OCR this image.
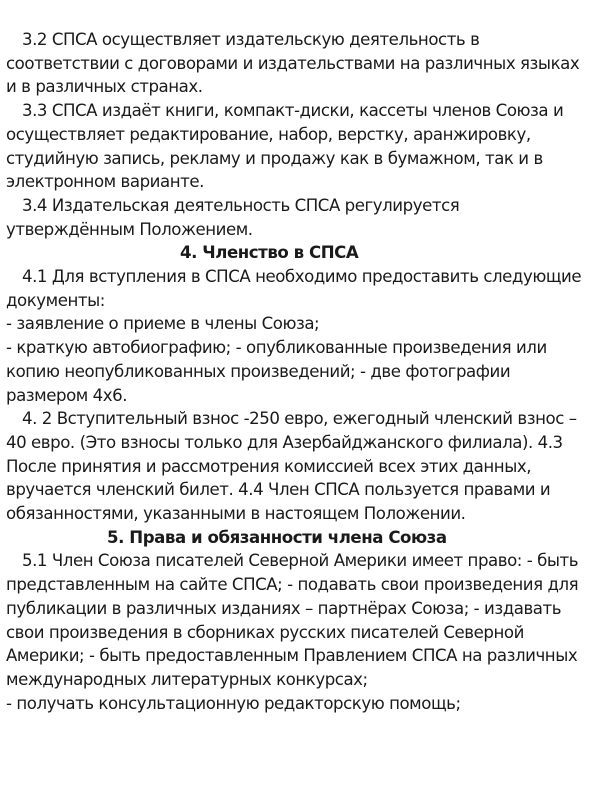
3.2 СПСА осуществляет издательскую деятельность в соответствии с договорами и издательствами на различных языках и в различных странах.

3.3 СПСА издаёт книги, компакт-диски, кассеты членов Союза и осуществляет редактирование, набор, верстку, аранжировку, студийную запись, рекламу и продажу как в бумажном, так и в электронном варианте.

3.4 Издательская деятельность СПСА регулируется утверждённым Положением.

4. Членство в СПСА

4.1 Для вступления в СПСА необходимо предоставить следующие документы:

- заявление о приеме в члены Союза;

- краткую автобиографию; - опубликованные произведения или копию неопубликованных произведений; - две фотографии размером 4х6.

4. 2 Вступительный взнос -250 евро, ежегодный членский взнос – 40 евро. (Это взносы только для Азербайджанского филиала). 4.3 После принятия и рассмотрения комиссией всех этих данных, вручается членский билет. 4.4 Член СПСА пользуется правами и обязанностями, указанными в настоящем Положении.

5. Права и обязанности члена Союза

5.1 Член Союза писателей Северной Америки имеет право: - быть представленным на сайте СПСА; - подавать свои произведения для публикации в различных изданиях – партнёрах Союза; - издавать свои произведения в сборниках русских писателей Северной Америки; - быть предоставленным Правлением СПСА на различных международных литературных конкурсах;

- получать консультационную редакторскую помощь;
